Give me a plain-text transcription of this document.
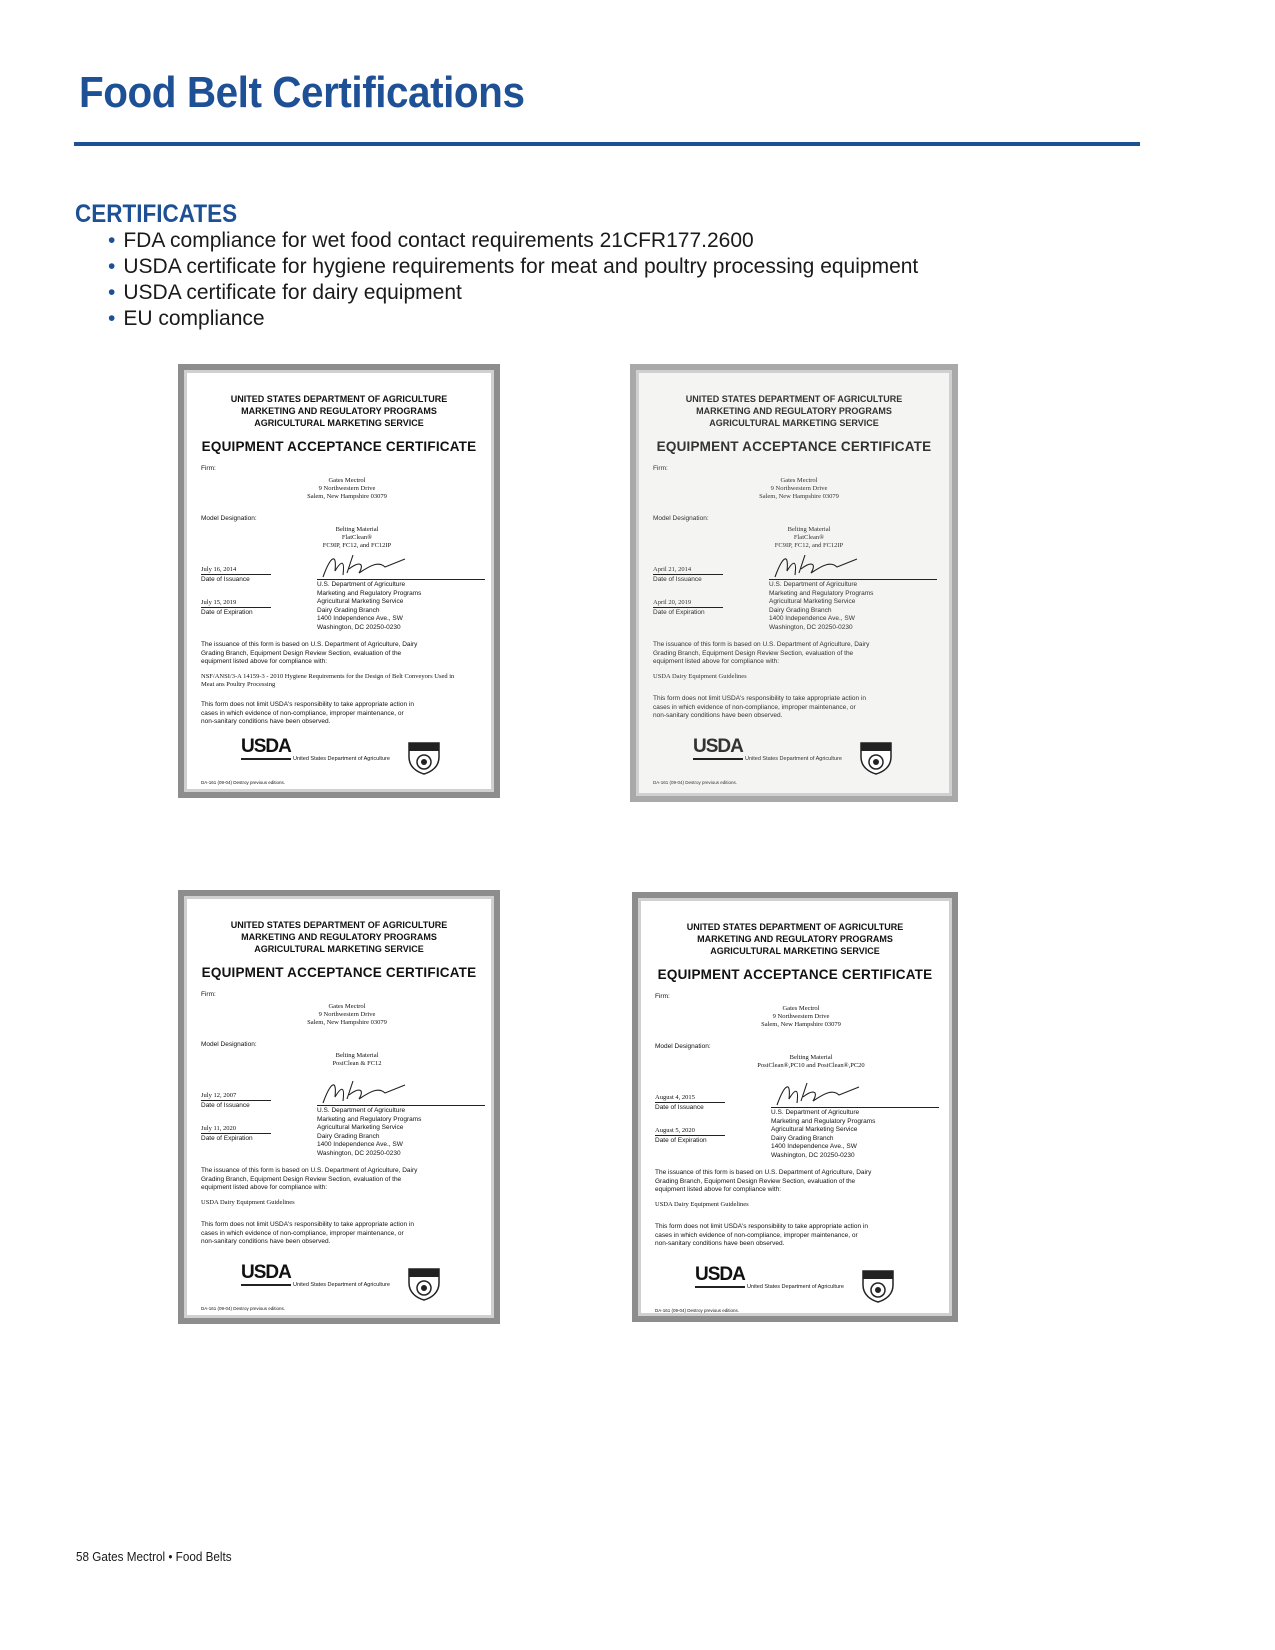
Food Belt Certifications
CERTIFICATES
• FDA compliance for wet food contact requirements 21CFR177.2600
• USDA certificate for hygiene requirements for meat and poultry processing equipment
• USDA certificate for dairy equipment
• EU compliance
UNITED STATES DEPARTMENT OF AGRICULTURE
MARKETING AND REGULATORY PROGRAMS
AGRICULTURAL MARKETING SERVICE
EQUIPMENT ACCEPTANCE CERTIFICATE
Firm:
Gates Mectrol
9 Northwestern Drive
Salem, New Hampshire 03079
Model Designation:
Belting Material
FlatClean®
FC9IP, FC12, and FC12IP
July 16, 2014
Date of Issuance
July 15, 2019
Date of Expiration
U.S. Department of Agriculture
Marketing and Regulatory Programs
Agricultural Marketing Service
Dairy Grading Branch
1400 Independence Ave., SW
Washington, DC 20250-0230
The issuance of this form is based on U.S. Department of Agriculture, Dairy
Grading Branch, Equipment Design Review Section, evaluation of the
equipment listed above for compliance with:
NSF/ANSI/3-A 14159-3 - 2010 Hygiene Requirements for the Design of Belt Conveyors Used in
Meat ans Poultry Processing
This form does not limit USDA's responsibility to take appropriate action in
cases in which evidence of non-compliance, improper maintenance, or
non-sanitary conditions have been observed.
USDA
United States Department of Agriculture
DA-161 (09-04) Destroy previous editions.
UNITED STATES DEPARTMENT OF AGRICULTURE
MARKETING AND REGULATORY PROGRAMS
AGRICULTURAL MARKETING SERVICE
EQUIPMENT ACCEPTANCE CERTIFICATE
Firm:
Gates Mectrol
9 Northwestern Drive
Salem, New Hampshire 03079
Model Designation:
Belting Material
FlatClean®
FC9IP, FC12, and FC12IP
April 21, 2014
Date of Issuance
April 20, 2019
Date of Expiration
U.S. Department of Agriculture
Marketing and Regulatory Programs
Agricultural Marketing Service
Dairy Grading Branch
1400 Independence Ave., SW
Washington, DC 20250-0230
The issuance of this form is based on U.S. Department of Agriculture, Dairy
Grading Branch, Equipment Design Review Section, evaluation of the
equipment listed above for compliance with:
USDA Dairy Equipment Guidelines
This form does not limit USDA's responsibility to take appropriate action in
cases in which evidence of non-compliance, improper maintenance, or
non-sanitary conditions have been observed.
USDA
United States Department of Agriculture
DA-161 (09-04) Destroy previous editions.
UNITED STATES DEPARTMENT OF AGRICULTURE
MARKETING AND REGULATORY PROGRAMS
AGRICULTURAL MARKETING SERVICE
EQUIPMENT ACCEPTANCE CERTIFICATE
Firm:
Gates Mectrol
9 Northwestern Drive
Salem, New Hampshire 03079
Model Designation:
Belting Material
PosiClean & FC12
July 12, 2007
Date of Issuance
July 11, 2020
Date of Expiration
U.S. Department of Agriculture
Marketing and Regulatory Programs
Agricultural Marketing Service
Dairy Grading Branch
1400 Independence Ave., SW
Washington, DC 20250-0230
The issuance of this form is based on U.S. Department of Agriculture, Dairy
Grading Branch, Equipment Design Review Section, evaluation of the
equipment listed above for compliance with:
USDA Dairy Equipment Guidelines
This form does not limit USDA's responsibility to take appropriate action in
cases in which evidence of non-compliance, improper maintenance, or
non-sanitary conditions have been observed.
USDA
United States Department of Agriculture
DA-161 (09-04) Destroy previous editions.
UNITED STATES DEPARTMENT OF AGRICULTURE
MARKETING AND REGULATORY PROGRAMS
AGRICULTURAL MARKETING SERVICE
EQUIPMENT ACCEPTANCE CERTIFICATE
Firm:
Gates Mectrol
9 Northwestern Drive
Salem, New Hampshire 03079
Model Designation:
Belting Material
PosiClean®,PC10 and PosiClean®,PC20
August 4, 2015
Date of Issuance
August 5, 2020
Date of Expiration
U.S. Department of Agriculture
Marketing and Regulatory Programs
Agricultural Marketing Service
Dairy Grading Branch
1400 Independence Ave., SW
Washington, DC 20250-0230
The issuance of this form is based on U.S. Department of Agriculture, Dairy
Grading Branch, Equipment Design Review Section, evaluation of the
equipment listed above for compliance with:
USDA Dairy Equipment Guidelines
This form does not limit USDA's responsibility to take appropriate action in
cases in which evidence of non-compliance, improper maintenance, or
non-sanitary conditions have been observed.
USDA
United States Department of Agriculture
DA-161 (09-04) Destroy previous editions.
58 Gates Mectrol • Food Belts
